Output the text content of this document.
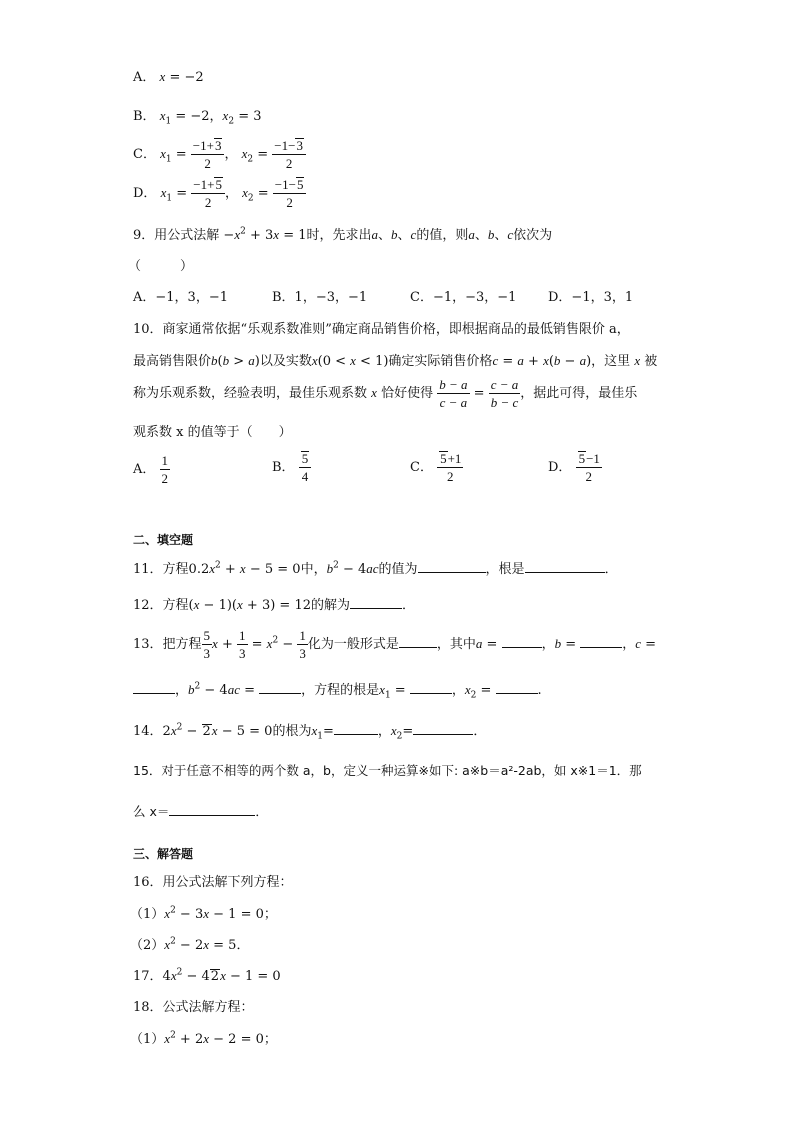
A． x = −2
B． $x_1 = -2$，$x_2 = 3$
C． $x_1 = \frac{-1+3}{2}$ ， $x_2 = \frac{-1-3}{2}$
D． $x_1 = \frac{-1+5}{2}$ ， $x_2 = \frac{-1-5}{2}$
9．用公式法解 $-x^2 + 3x = 1$时，先求出a、b、c的值，则a、b、c依次为
（　　　）
A．−1，3，−1	B．1，−3，−1	C．−1，−3，−1 D．−1，3，1
10．商家通常依据“乐观系数准则”确定商品销售价格，即根据商品的最低销售限价 a，
最高销售限价b(b > a)以及实数x(0 < x < 1)确定实际销售价格c = a + x(b − a)，这里 x 被
称为乐观系数，经验表明，最佳乐观系数 x 恰好使得 $\frac{b - a}{c - a} = \frac{c - a}{b - c}$ ，据此可得，最佳乐
观系数 x 的值等于（　　）
A． $\frac{1}{2}$	B． $\frac{5}{4}$	C． $\frac{5+1}{2}$	D． $\frac{5-1}{2}$
二、填空题
11．方程$0.2x^2 + x - 5 = 0$中，$b^2 - 4ac$的值为	，根是	．
12．方程(x − 1)(x + 3) = 12的解为	．
13．把方程 $\frac{5}{3}$ $x + \frac{1}{3} = x^2 - \frac{1}{3}$ 化为一般形式是	，其中a =	，b =	，c =
，$b^2 - 4ac$ =	，方程的根是$x_1$ =	，$x_2$ =	.
14．$2x^2 - 2x - 5 = 0$的根为$x_1=$	，$x_2=$	．
15．对于任意不相等的两个数 a，b，定义一种运算※如下: a※b＝a²-2ab，如 x※1＝1．那
么 x＝	．
三、解答题
16．用公式法解下列方程：
$(1)x^2 - 3x - 1 = 0$；
$(2)x^2 - 2x = 5$．
17．$4x^2 - 42x - 1 = 0$
18．公式法解方程：
$(1)x^2 + 2x - 2 = 0$；
